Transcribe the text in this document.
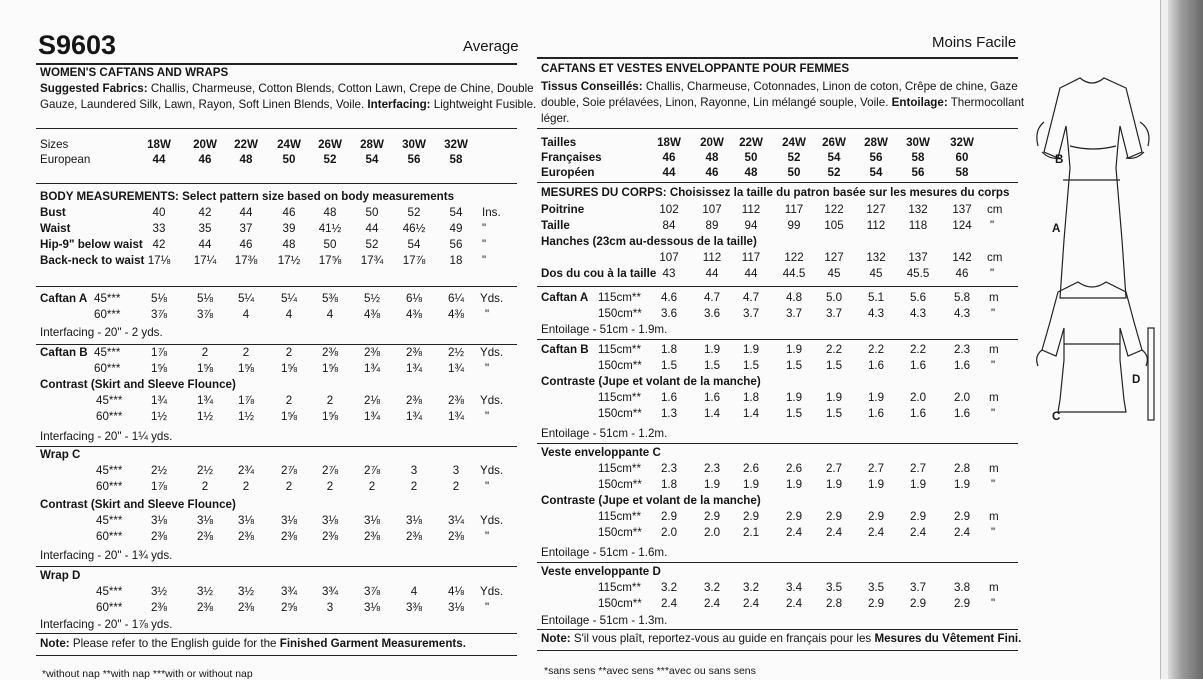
B
A
D
C
S9603	Average	Moins Facile
WOMEN'S CAFTANS AND WRAPS
Suggested Fabrics: Challis, Charmeuse, Cotton Blends, Cotton Lawn, Crepe de Chine, Double
Gauze, Laundered Silk, Lawn, Rayon, Soft Linen Blends, Voile. Interfacing: Lightweight Fusible.
Sizes	18W	20W	22W	24W	26W	28W	30W	32W
European	44	46	48	50	52	54	56	58
BODY MEASUREMENTS: Select pattern size based on body measurements
Bust	40	42	44	46	48	50	52	54	Ins.
Waist	33	35	37	39	41½	44	46½	49	"
Hip-9" below waist 42	44	46	48	50	52	54	56	"
Back-neck to waist 17⅛	17¼	17⅜	17½	17⅝	17¾	17⅞	18	"
Caftan A 45***	5⅛	5⅛	5¼	5¼	5⅜	5½	6⅛	6¼	Yds.
60***	3⅞	3⅞	4	4	4	4⅜	4⅜	4⅜	"
Interfacing - 20" - 2 yds.
Caftan B 45***	1⅞	2	2	2	2⅜	2⅜	2⅜	2½	Yds.
60***	1⅝	1⅝	1⅝	1⅝	1⅝	1¾	1¾	1¾	"
Contrast (Skirt and Sleeve Flounce)
45***	1¾	1¾	1⅞	2	2	2⅛	2⅜	2⅜	Yds.
60***	1½	1½	1½	1⅝	1⅝	1¾	1¾	1¾	"
Interfacing - 20" - 1¼ yds.
Wrap C
45***	2½	2½	2¾	2⅞	2⅞	2⅞	3	3	Yds.
60***	1⅞	2	2	2	2	2	2	2	"
Contrast (Skirt and Sleeve Flounce)
45***	3⅛	3⅛	3⅛	3⅛	3⅛	3⅛	3⅛	3¼	Yds.
60***	2⅜	2⅜	2⅜	2⅜	2⅜	2⅜	2⅜	2⅜	"
Interfacing - 20" - 1¾ yds.
Wrap D
45***	3½	3½	3½	3¾	3¾	3⅞	4	4⅛	Yds.
60***	2⅜	2⅜	2⅜	2⅝	3	3⅛	3⅜	3⅛	"
Interfacing - 20" - 1⅞ yds.
Note: Please refer to the English guide for the Finished Garment Measurements.
*without nap **with nap ***with or without nap
CAFTANS ET VESTES ENVELOPPANTE POUR FEMMES
Tissus Conseillés: Challis, Charmeuse, Cotonnades, Linon de coton, Crêpe de chine, Gaze
double, Soie prélavées, Linon, Rayonne, Lin mélangé souple, Voile. Entoilage: Thermocollant
léger.
Tailles	18W	20W	22W	24W	26W	28W	30W	32W
Françaises	46	48	50	52	54	56	58	60
Européen	44	46	48	50	52	54	56	58
MESURES DU CORPS: Choisissez la taille du patron basée sur les mesures du corps
Poitrine	102	107	112	117	122	127	132	137	cm
Taille	84	89	94	99	105	112	118	124	"
Hanches (23cm au-dessous de la taille)
107	112	117	122	127	132	137	142	cm
Dos du cou à la taille 43	44	44	44.5	45	45	45.5	46	"
Caftan A 115cm**	4.6	4.7	4.7	4.8	5.0	5.1	5.6	5.8	m
150cm**	3.6	3.6	3.7	3.7	3.7	4.3	4.3	4.3	"
Entoilage - 51cm - 1.9m.
Caftan B 115cm**	1.8	1.9	1.9	1.9	2.2	2.2	2.2	2.3	m
150cm**	1.5	1.5	1.5	1.5	1.5	1.6	1.6	1.6	"
Contraste (Jupe et volant de la manche)
115cm**	1.6	1.6	1.8	1.9	1.9	1.9	2.0	2.0	m
150cm**	1.3	1.4	1.4	1.5	1.5	1.6	1.6	1.6	"
Entoilage - 51cm - 1.2m.
Veste enveloppante C
115cm**	2.3	2.3	2.6	2.6	2.7	2.7	2.7	2.8	m
150cm**	1.8	1.9	1.9	1.9	1.9	1.9	1.9	1.9	"
Contraste (Jupe et volant de la manche)
115cm**	2.9	2.9	2.9	2.9	2.9	2.9	2.9	2.9	m
150cm**	2.0	2.0	2.1	2.4	2.4	2.4	2.4	2.4	"
Entoilage - 51cm - 1.6m.
Veste enveloppante D
115cm**	3.2	3.2	3.2	3.4	3.5	3.5	3.7	3.8	m
150cm**	2.4	2.4	2.4	2.4	2.8	2.9	2.9	2.9	"
Entoilage - 51cm - 1.3m.
Note: S'il vous plaît, reportez-vous au guide en français pour les Mesures du Vêtement Fini.
*sans sens **avec sens ***avec ou sans sens
